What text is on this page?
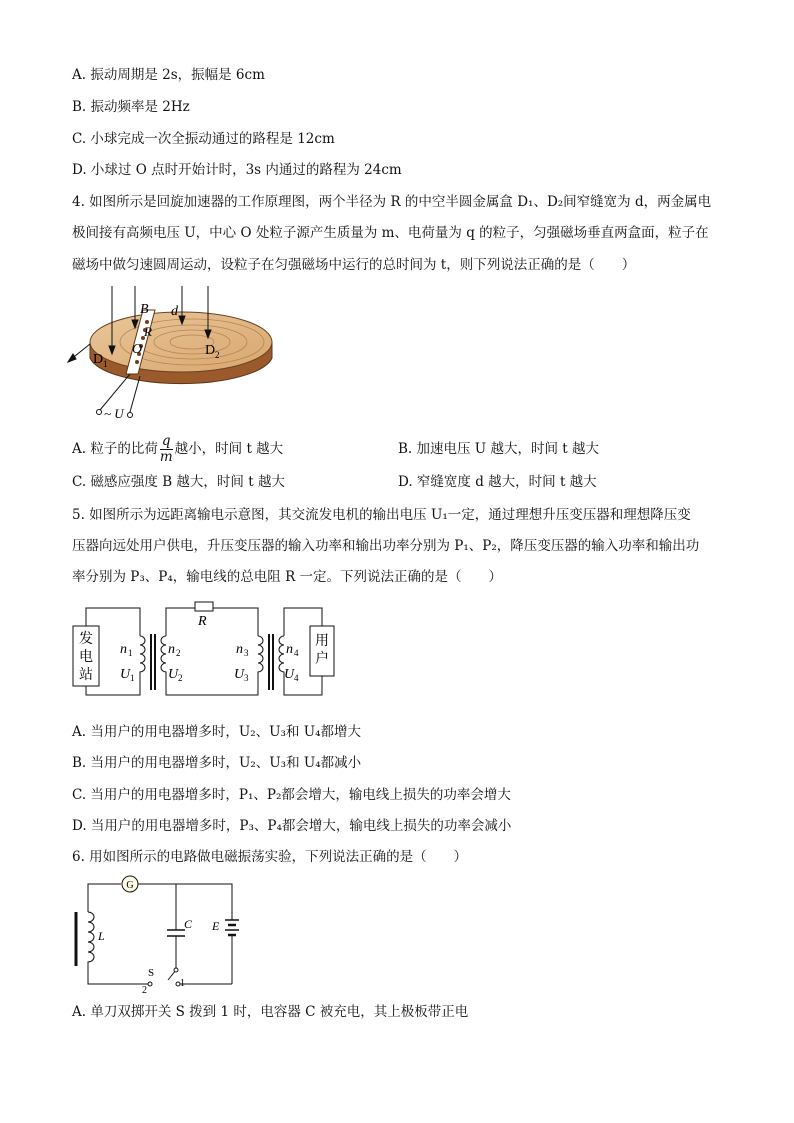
A. 振动周期是 2s，振幅是 6cm
B. 振动频率是 2Hz
C. 小球完成一次全振动通过的路程是 12cm
D. 小球过 O 点时开始计时，3s 内通过的路程为 24cm
4. 如图所示是回旋加速器的工作原理图，两个半径为 R 的中空半圆金属盒 D₁、D₂间窄缝宽为 d，两金属电
极间接有高频电压 U，中心 O 处粒子源产生质量为 m、电荷量为 q 的粒子，匀强磁场垂直两盒面，粒子在
磁场中做匀速圆周运动，设粒子在匀强磁场中运行的总时间为 t，则下列说法正确的是（　　）
B d
R
O
D 1
D 2
~ U
A. 粒子的比荷 $\frac{q}{m}$ 越小，时间 t 越大	B. 加速电压 U 越大，时间 t 越大
C. 磁感应强度 B 越大，时间 t 越大	D. 窄缝宽度 d 越大，时间 t 越大
5. 如图所示为远距离输电示意图，其交流发电机的输出电压 U₁一定，通过理想升压变压器和理想降压变
压器向远处用户供电，升压变压器的输入功率和输出功率分别为 P₁、P₂，降压变压器的输入功率和输出功
率分别为 P₃、P₄，输电线的总电阻 R 一定。下列说法正确的是（　　）
发
电
站
用
户
R
n
U
n
U
n
U
n
U
1
1
2
2
3
3
4
4
A. 当用户的用电器增多时，U₂、U₃和 U₄都增大
B. 当用户的用电器增多时，U₂、U₃和 U₄都减小
C. 当用户的用电器增多时，P₁、P₂都会增大，输电线上损失的功率会增大
D. 当用户的用电器增多时，P₃、P₄都会增大，输电线上损失的功率会减小
6. 用如图所示的电路做电磁振荡实验，下列说法正确的是（　　）
G
L
C E
S
1
2
A. 单刀双掷开关 S 拨到 1 时，电容器 C 被充电，其上极板带正电
